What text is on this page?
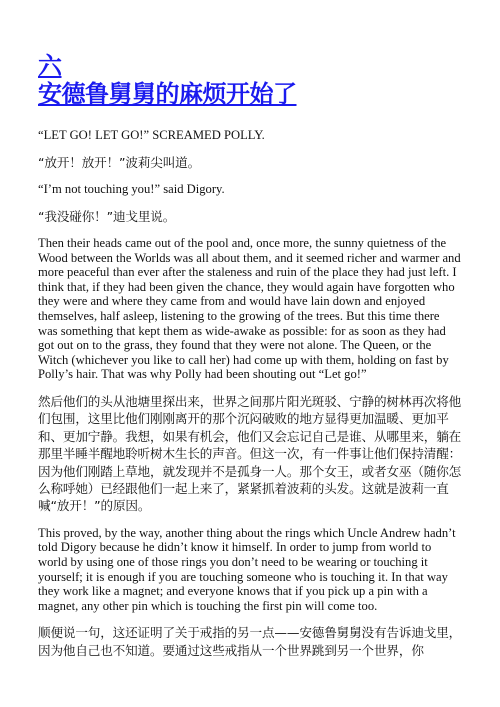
六
安德鲁舅舅的麻烦开始了

“LET GO! LET GO!” SCREAMED POLLY.

“放开！放开！”波莉尖叫道。

“I’m not touching you!” said Digory.

“我没碰你！”迪戈里说。

Then their heads came out of the pool and, once more, the sunny quietness of the Wood between the Worlds was all about them, and it seemed richer and warmer and more peaceful than ever after the staleness and ruin of the place they had just left. I think that, if they had been given the chance, they would again have forgotten who they were and where they came from and would have lain down and enjoyed themselves, half asleep, listening to the growing of the trees. But this time there was something that kept them as wide-awake as possible: for as soon as they had got out on to the grass, they found that they were not alone. The Queen, or the Witch (whichever you like to call her) had come up with them, holding on fast by Polly’s hair. That was why Polly had been shouting out “Let go!”

然后他们的头从池塘里探出来，世界之间那片阳光斑驳、宁静的树林再次将他们包围，这里比他们刚刚离开的那个沉闷破败的地方显得更加温暖、更加平和、更加宁静。我想，如果有机会，他们又会忘记自己是谁、从哪里来，躺在那里半睡半醒地聆听树木生长的声音。但这一次，有一件事让他们保持清醒：因为他们刚踏上草地，就发现并不是孤身一人。那个女王，或者女巫（随你怎么称呼她）已经跟他们一起上来了，紧紧抓着波莉的头发。这就是波莉一直喊“放开！”的原因。

This proved, by the way, another thing about the rings which Uncle Andrew hadn’t told Digory because he didn’t know it himself. In order to jump from world to world by using one of those rings you don’t need to be wearing or touching it yourself; it is enough if you are touching someone who is touching it. In that way they work like a magnet; and everyone knows that if you pick up a pin with a magnet, any other pin which is touching the first pin will come too.

顺便说一句，这还证明了关于戒指的另一点——安德鲁舅舅没有告诉迪戈里，因为他自己也不知道。要通过这些戒指从一个世界跳到另一个世界，你
